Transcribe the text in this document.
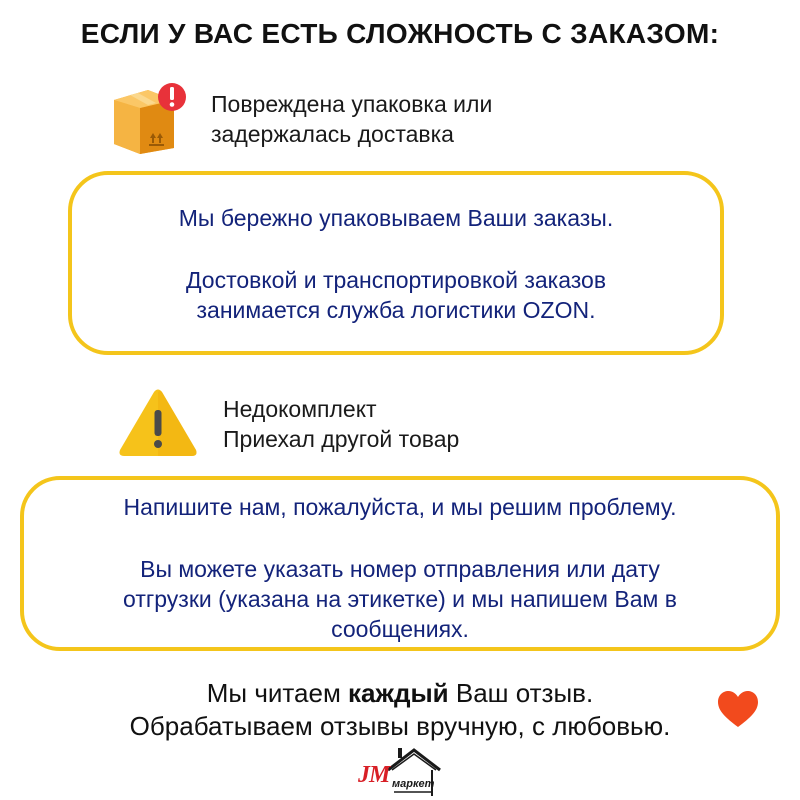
ЕСЛИ У ВАС ЕСТЬ СЛОЖНОСТЬ С ЗАКАЗОМ:
Повреждена упаковка или
задержалась доставка

Мы бережно упаковываем Ваши заказы.

Достовкой и транспортировкой заказов

занимается служба логистики OZON.

Недокомплект
Приехал другой товар

Напишите нам, пожалуйста, и мы решим проблему.

Вы можете указать номер отправления или дату

отгрузки (указана на этикетке) и мы напишем Вам в

сообщениях.

Мы читаем каждый Ваш отзыв.
Обрабатываем отзывы вручную, с любовью.
JM маркет
